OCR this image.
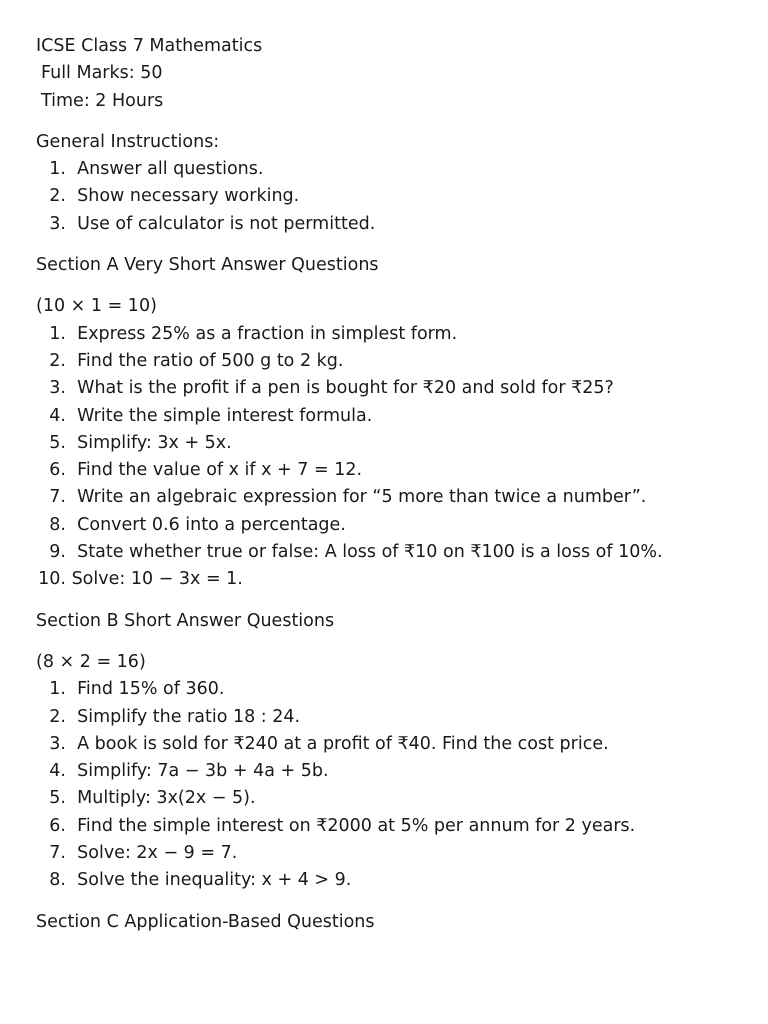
ICSE Class 7 Mathematics
Full Marks: 50
Time: 2 Hours
General Instructions:
1.
Answer all questions.
2.
Show necessary working.
3.
Use of calculator is not permitted.
Section A Very Short Answer Questions
(10 × 1 = 10)
1.
Express 25% as a fraction in simplest form.
2.
Find the ratio of 500 g to 2 kg.
3.
What is the profit if a pen is bought for ₹20 and sold for ₹25?
4.
Write the simple interest formula.
5.
Simplify: 3x + 5x.
6.
Find the value of x if x + 7 = 12.
7.
Write an algebraic expression for “5 more than twice a number”.
8.
Convert 0.6 into a percentage.
9.
State whether true or false: A loss of ₹10 on ₹100 is a loss of 10%.
10.
Solve: 10 − 3x = 1.
Section B Short Answer Questions
(8 × 2 = 16)
1.
Find 15% of 360.
2.
Simplify the ratio 18 : 24.
3.
A book is sold for ₹240 at a profit of ₹40. Find the cost price.
4.
Simplify: 7a − 3b + 4a + 5b.
5.
Multiply: 3x(2x − 5).
6.
Find the simple interest on ₹2000 at 5% per annum for 2 years.
7.
Solve: 2x − 9 = 7.
8.
Solve the inequality: x + 4 > 9.
Section C Application-Based Questions
